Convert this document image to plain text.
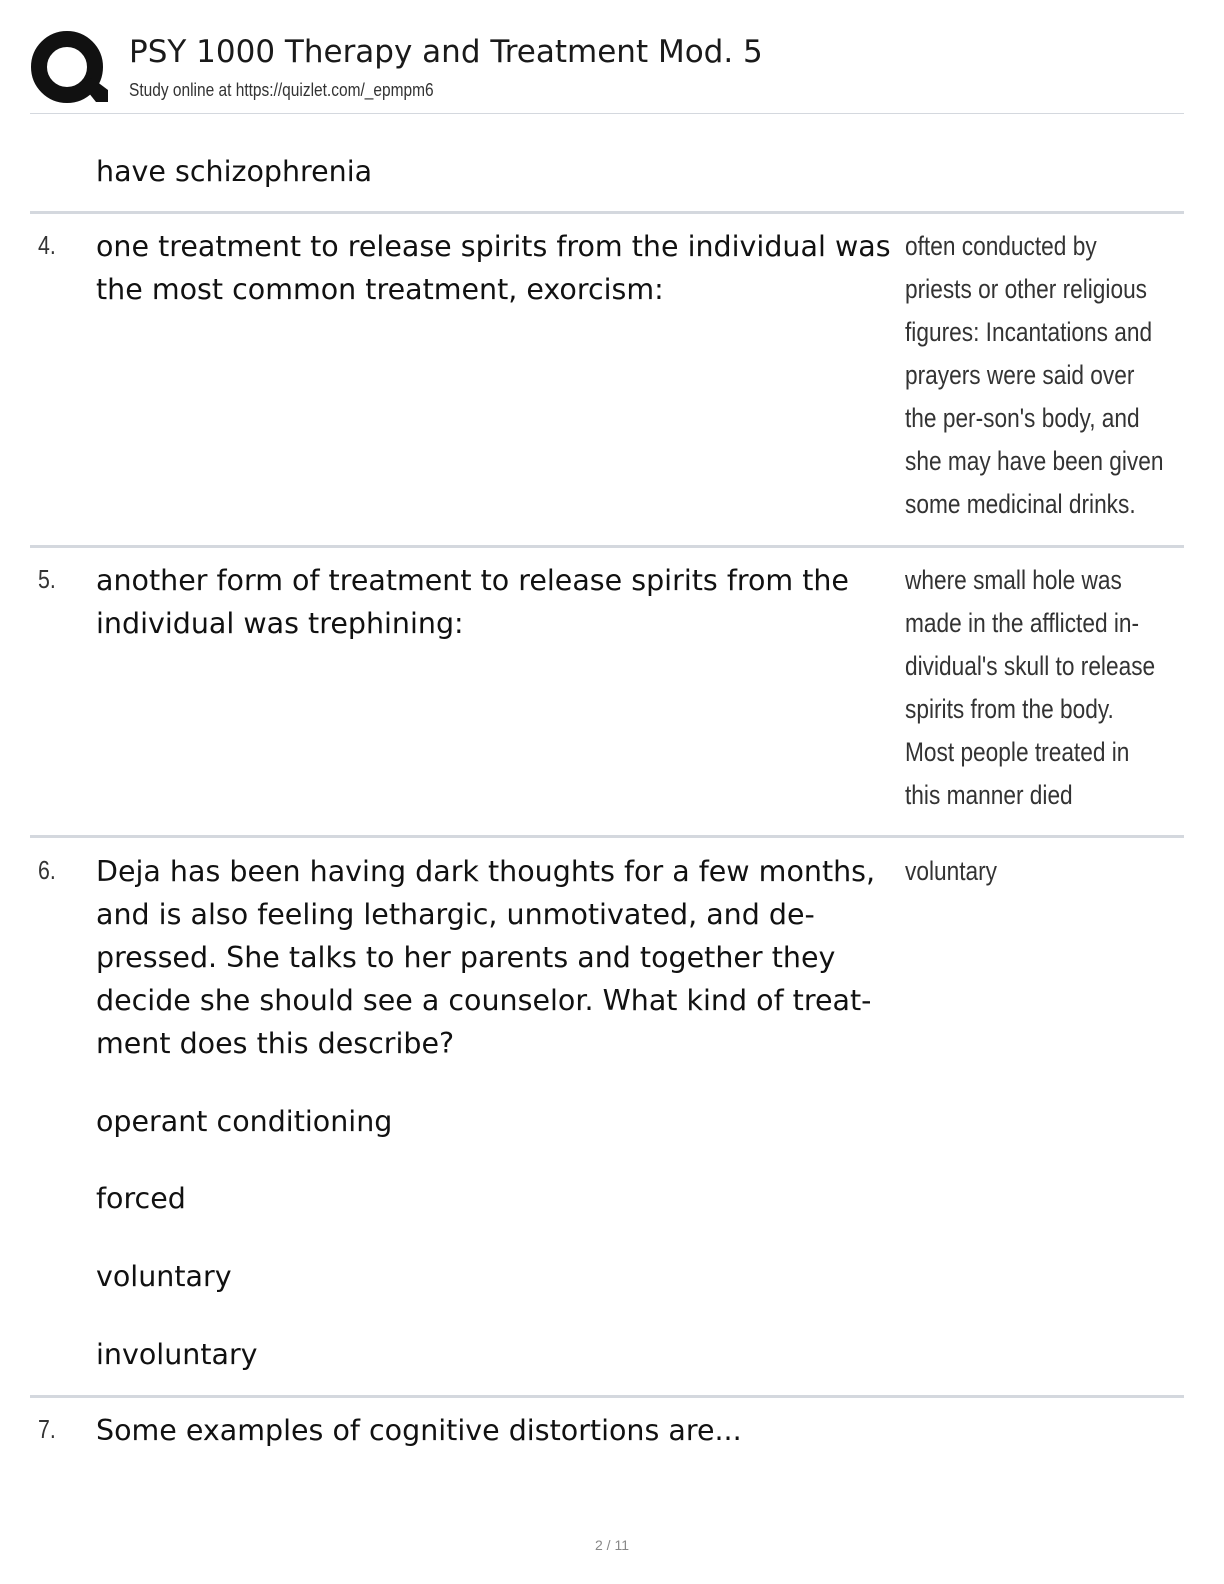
PSY 1000 Therapy and Treatment Mod. 5
Study online at https://quizlet.com/_epmpm6
have schizophrenia
4. one treatment to release spirits from the individual was the most common treatment, exorcism:
often conducted by priests or other religious figures: Incantations and prayers were said over the per-son's body, and she may have been given some medicinal drinks.
5. another form of treatment to release spirits from the individual was trephining:
where small hole was made in the afflicted in-dividual's skull to release spirits from the body. Most people treated in this manner died
6. Deja has been having dark thoughts for a few months, and is also feeling lethargic, unmotivated, and de-pressed. She talks to her parents and together they decide she should see a counselor. What kind of treat-ment does this describe?
voluntary
operant conditioning
forced
voluntary
involuntary
7. Some examples of cognitive distortions are...
2 / 11
